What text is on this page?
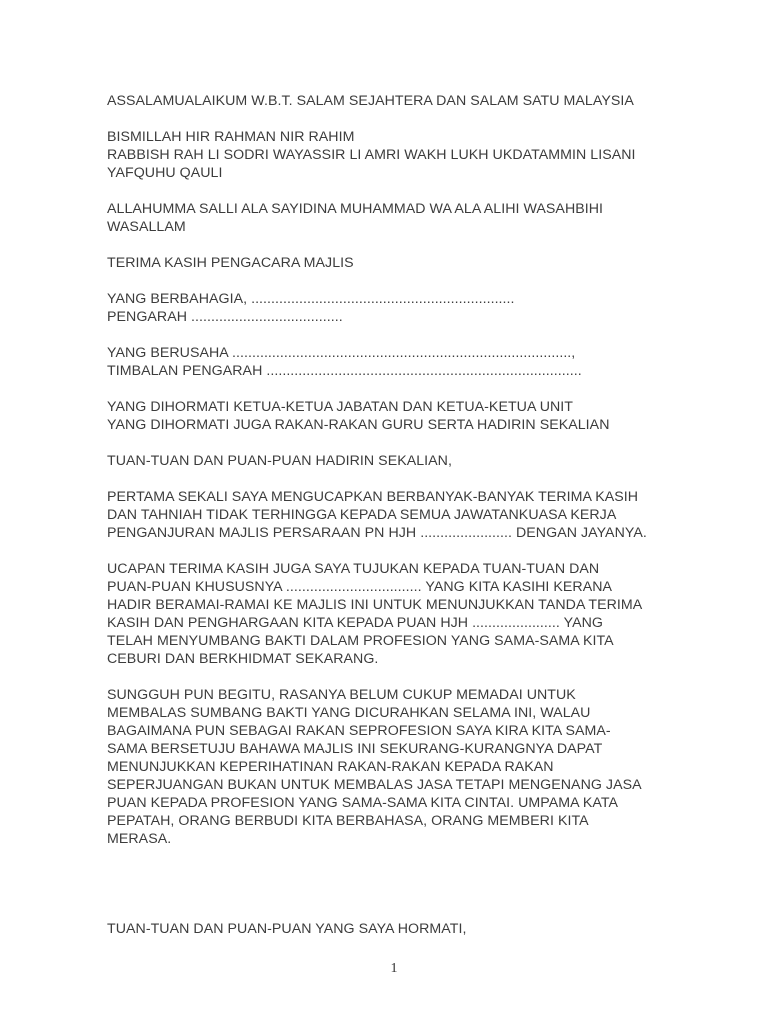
ASSALAMUALAIKUM W.B.T. SALAM SEJAHTERA DAN SALAM SATU MALAYSIA

BISMILLAH HIR RAHMAN NIR RAHIM
RABBISH RAH LI SODRI WAYASSIR LI AMRI WAKH LUKH UKDATAMMIN LISANI
YAFQUHU QAULI

ALLAHUMMA SALLI ALA SAYIDINA MUHAMMAD WA ALA ALIHI WASAHBIHI
WASALLAM

TERIMA KASIH PENGACARA MAJLIS

YANG BERBAHAGIA, ..................................................................
PENGARAH ......................................

YANG BERUSAHA .....................................................................................,
TIMBALAN PENGARAH ...............................................................................

YANG DIHORMATI KETUA-KETUA JABATAN DAN KETUA-KETUA UNIT
YANG DIHORMATI JUGA RAKAN-RAKAN GURU SERTA HADIRIN SEKALIAN

TUAN-TUAN DAN PUAN-PUAN HADIRIN SEKALIAN,

PERTAMA SEKALI SAYA MENGUCAPKAN BERBANYAK-BANYAK TERIMA KASIH
DAN TAHNIAH TIDAK TERHINGGA KEPADA SEMUA JAWATANKUASA KERJA
PENGANJURAN MAJLIS PERSARAAN PN HJH ....................... DENGAN JAYANYA.

UCAPAN TERIMA KASIH JUGA SAYA TUJUKAN KEPADA TUAN-TUAN DAN
PUAN-PUAN KHUSUSNYA .................................. YANG KITA KASIHI KERANA
HADIR BERAMAI-RAMAI KE MAJLIS INI UNTUK MENUNJUKKAN TANDA TERIMA
KASIH DAN PENGHARGAAN KITA KEPADA PUAN HJH ...................... YANG
TELAH MENYUMBANG BAKTI DALAM PROFESION YANG SAMA-SAMA KITA
CEBURI DAN BERKHIDMAT SEKARANG.

SUNGGUH PUN BEGITU, RASANYA BELUM CUKUP MEMADAI UNTUK
MEMBALAS SUMBANG BAKTI YANG DICURAHKAN SELAMA INI, WALAU
BAGAIMANA PUN SEBAGAI RAKAN SEPROFESION SAYA KIRA KITA SAMA-
SAMA BERSETUJU BAHAWA MAJLIS INI SEKURANG-KURANGNYA DAPAT
MENUNJUKKAN KEPERIHATINAN RAKAN-RAKAN KEPADA RAKAN
SEPERJUANGAN BUKAN UNTUK MEMBALAS JASA TETAPI MENGENANG JASA
PUAN KEPADA PROFESION YANG SAMA-SAMA KITA CINTAI. UMPAMA KATA
PEPATAH, ORANG BERBUDI KITA BERBAHASA, ORANG MEMBERI KITA
MERASA.

TUAN-TUAN DAN PUAN-PUAN YANG SAYA HORMATI,

1
